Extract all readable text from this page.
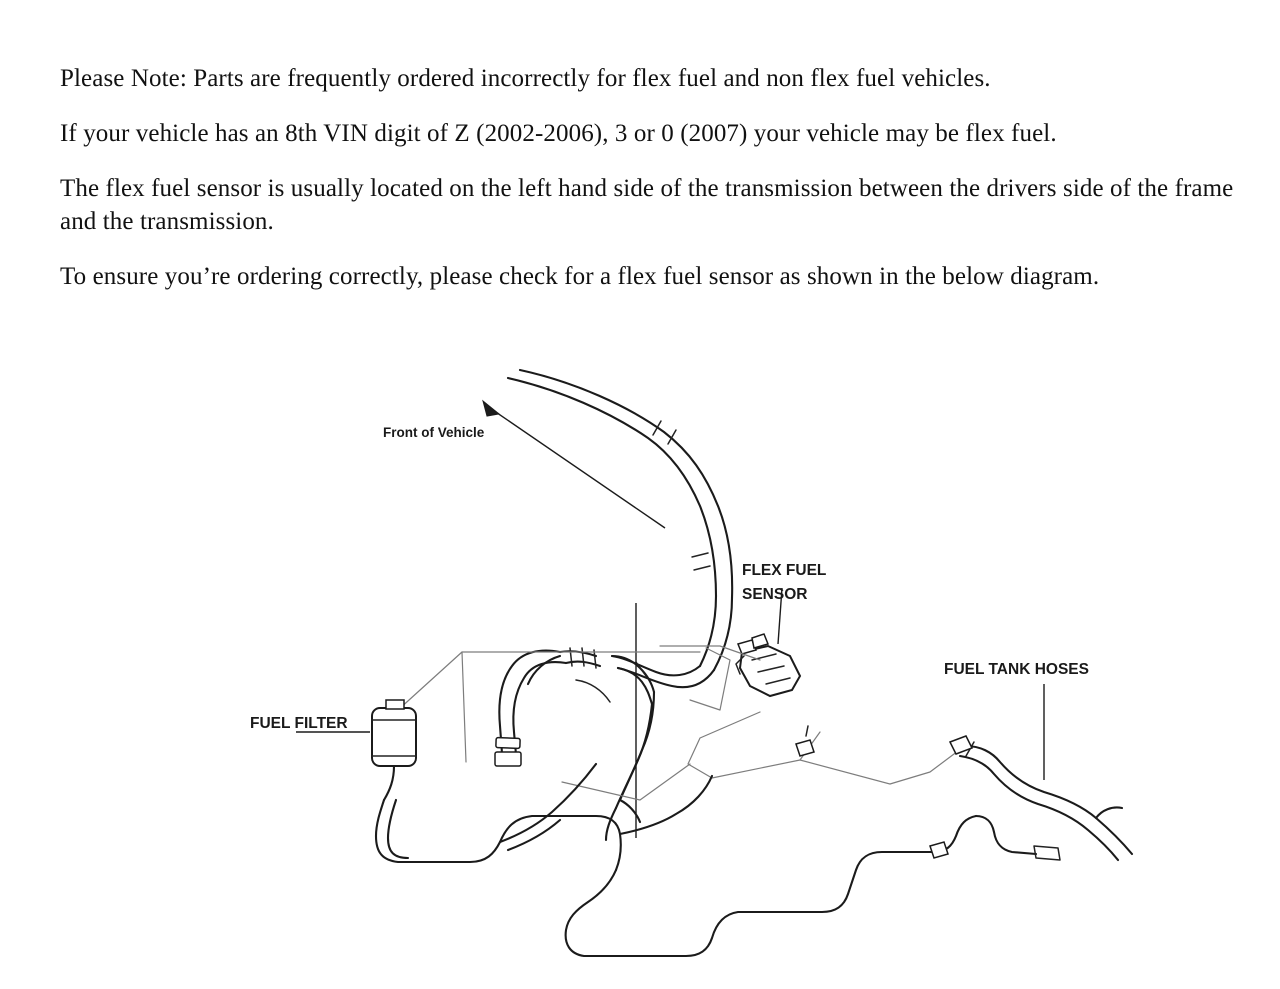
Please Note: Parts are frequently ordered incorrectly for flex fuel and non flex fuel vehicles.

If your vehicle has an 8th VIN digit of Z (2002-2006), 3 or 0 (2007) your vehicle may be flex fuel.

The flex fuel sensor is usually located on the left hand side of the transmission between the drivers side of the frame and the transmission.

To ensure you’re ordering correctly, please check for a flex fuel sensor as shown in the below diagram.

Front of Vehicle
FLEX FUEL
SENSOR
FUEL FILTER
FUEL TANK HOSES
